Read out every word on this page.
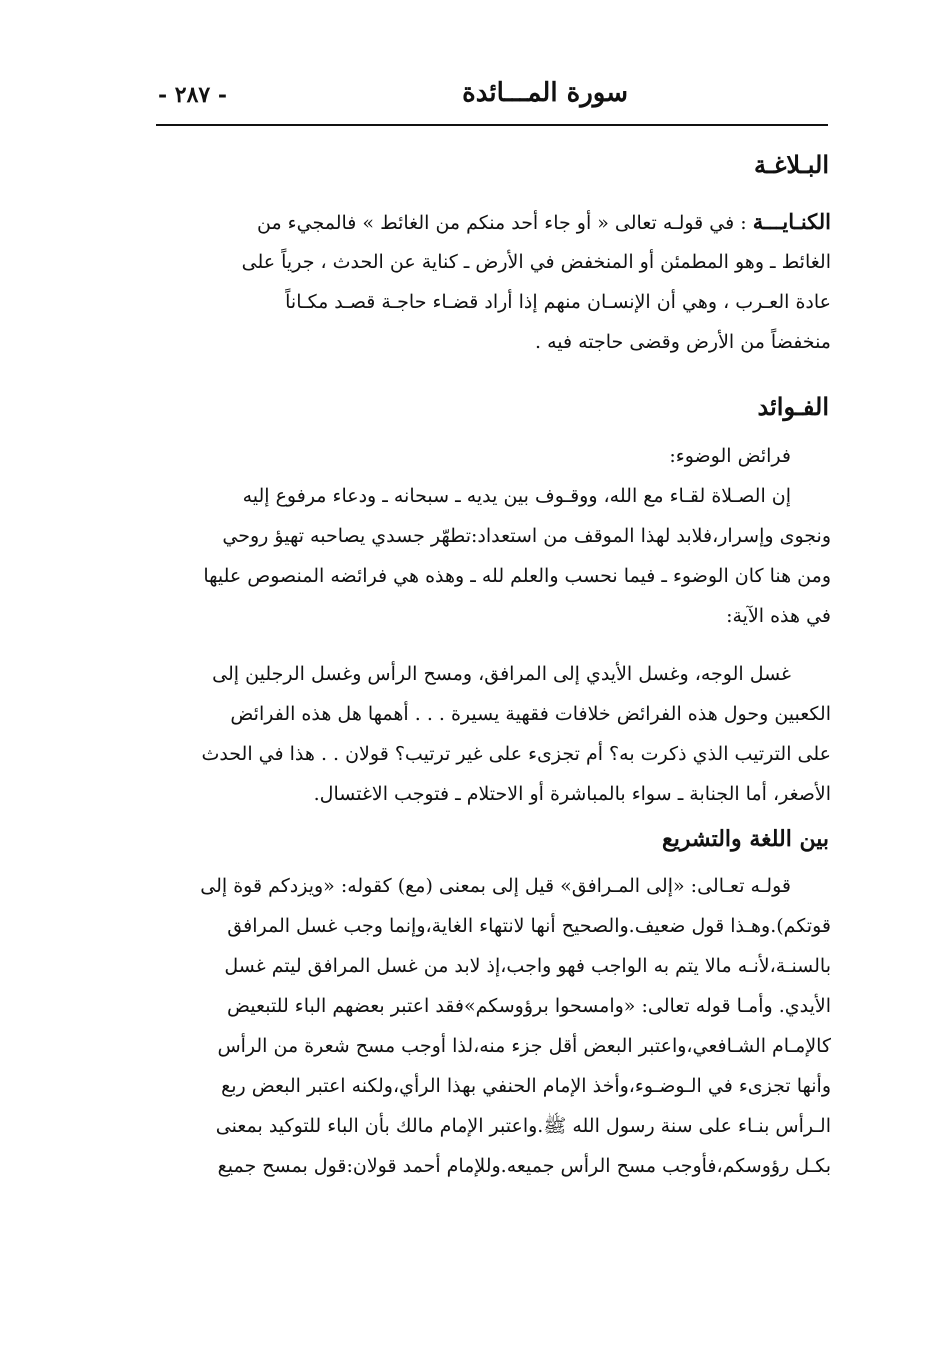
سورة المـــائدة
- ٢٨٧ -
البـلاغـة
الكنـايـــة : في قولـه تعالى « أو جاء أحد منكم من الغائط » فالمجيء من
الغائط ـ وهو المطمئن أو المنخفض في الأرض ـ كناية عن الحدث ، جرياً على
عادة العـرب ، وهي أن الإنسـان منهم إذا أراد قضـاء حاجـة قصـد مكـاناً
منخفضاً من الأرض وقضى حاجته فيه .
الفـوائد
فرائض الوضوء:
إن الصـلاة لقـاء مع الله، ووقـوف بين يديه ـ سبحانه ـ ودعاء مرفوع إليه
ونجوى وإسرار،فلابد لهذا الموقف من استعداد:تطهّر جسدي يصاحبه تهيؤ روحي
ومن هنا كان الوضوء ـ فيما نحسب والعلم لله ـ وهذه هي فرائضه المنصوص عليها
في هذه الآية:
غسل الوجه، وغسل الأيدي إلى المرافق، ومسح الرأس وغسل الرجلين إلى
الكعبين وحول هذه الفرائض خلافات فقهية يسيرة . . . أهمها هل هذه الفرائض
على الترتيب الذي ذكرت به؟ أم تجزىء على غير ترتيب؟ قولان . . هذا في الحدث
الأصغر، أما الجنابة ـ سواء بالمباشرة أو الاحتلام ـ فتوجب الاغتسال.
بين اللغة والتشريع
قولـه تعـالى: «إلى المـرافق» قيل إلى بمعنى (مع) كقوله: «ويزدكم قوة إلى
قوتكم).وهـذا قول ضعيف.والصحيح أنها لانتهاء الغاية،وإنما وجب غسل المرافق
بالسنـة،لأنـه مالا يتم به الواجب فهو واجب،إذ لابد من غسل المرافق ليتم غسل
الأيدي. وأمـا قوله تعالى: «وامسحوا برؤوسكم»فقد اعتبر بعضهم الباء للتبعيض
كالإمـام الشـافعي،واعتبر البعض أقل جزء منه،لذا أوجب مسح شعرة من الرأس
وأنها تجزىء في الـوضـوء،وأخذ الإمام الحنفي بهذا الرأي،ولكنه اعتبر البعض ربع
الـرأس بنـاء على سنة رسول الله ﷺ.واعتبر الإمام مالك بأن الباء للتوكيد بمعنى
بكـل رؤوسكم،فأوجب مسح الرأس جميعه.وللإمام أحمد قولان:قول بمسح جميع
